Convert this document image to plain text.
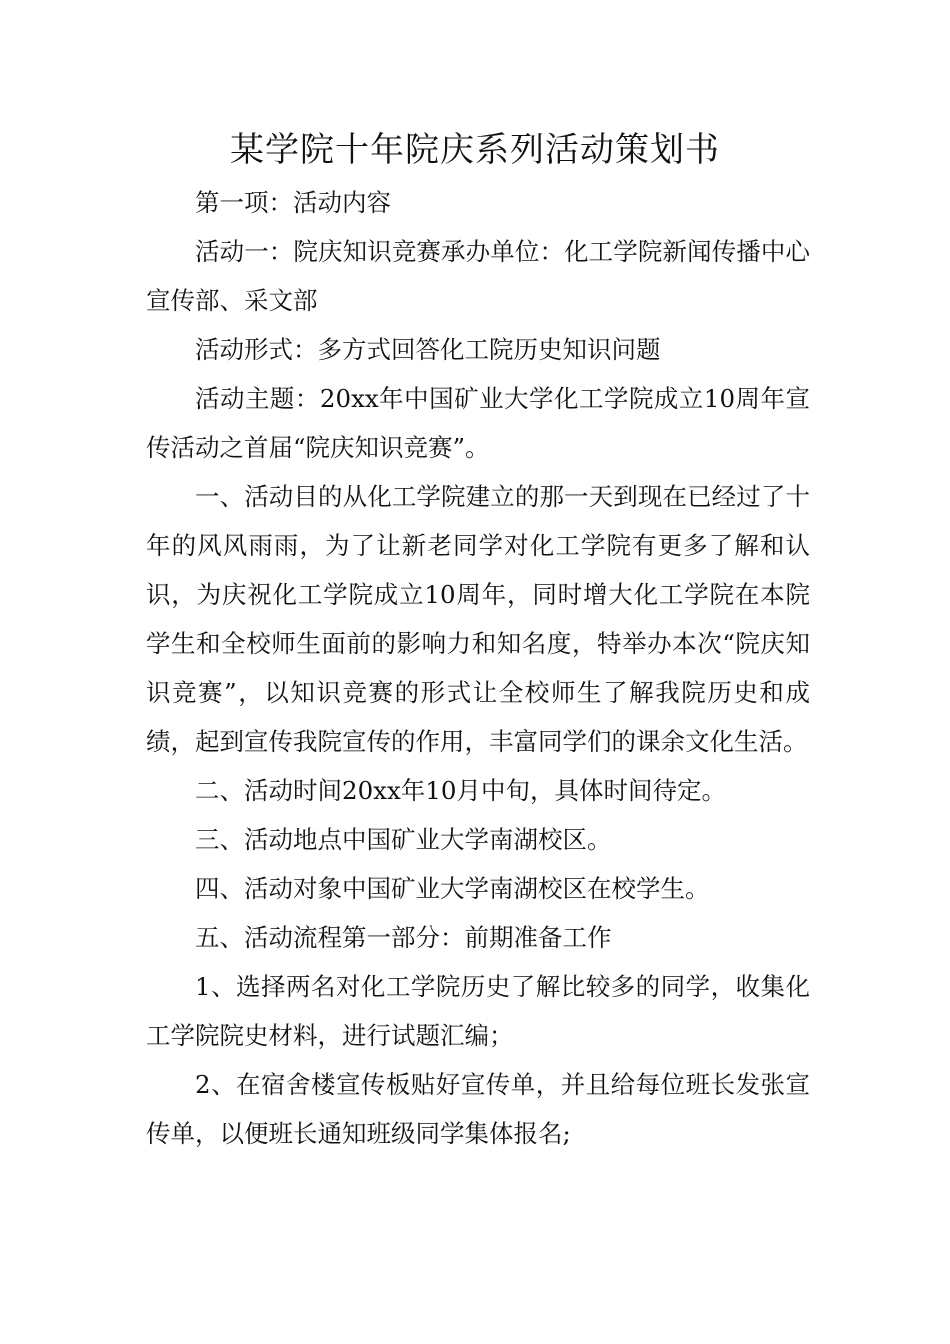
某学院十年院庆系列活动策划书

第一项：活动内容

活动一：院庆知识竞赛承办单位：化工学院新闻传播中心宣传部、采文部

活动形式：多方式回答化工院历史知识问题

活动主题：20xx年中国矿业大学化工学院成立10周年宣传活动之首届“院庆知识竞赛”。

一、活动目的从化工学院建立的那一天到现在已经过了十年的风风雨雨，为了让新老同学对化工学院有更多了解和认识，为庆祝化工学院成立10周年，同时增大化工学院在本院学生和全校师生面前的影响力和知名度，特举办本次“院庆知识竞赛”，以知识竞赛的形式让全校师生了解我院历史和成绩，起到宣传我院宣传的作用，丰富同学们的课余文化生活。

二、活动时间20xx年10月中旬，具体时间待定。

三、活动地点中国矿业大学南湖校区。

四、活动对象中国矿业大学南湖校区在校学生。

五、活动流程第一部分：前期准备工作

1、选择两名对化工学院历史了解比较多的同学，收集化工学院院史材料，进行试题汇编；

2、在宿舍楼宣传板贴好宣传单，并且给每位班长发张宣传单，以便班长通知班级同学集体报名;
